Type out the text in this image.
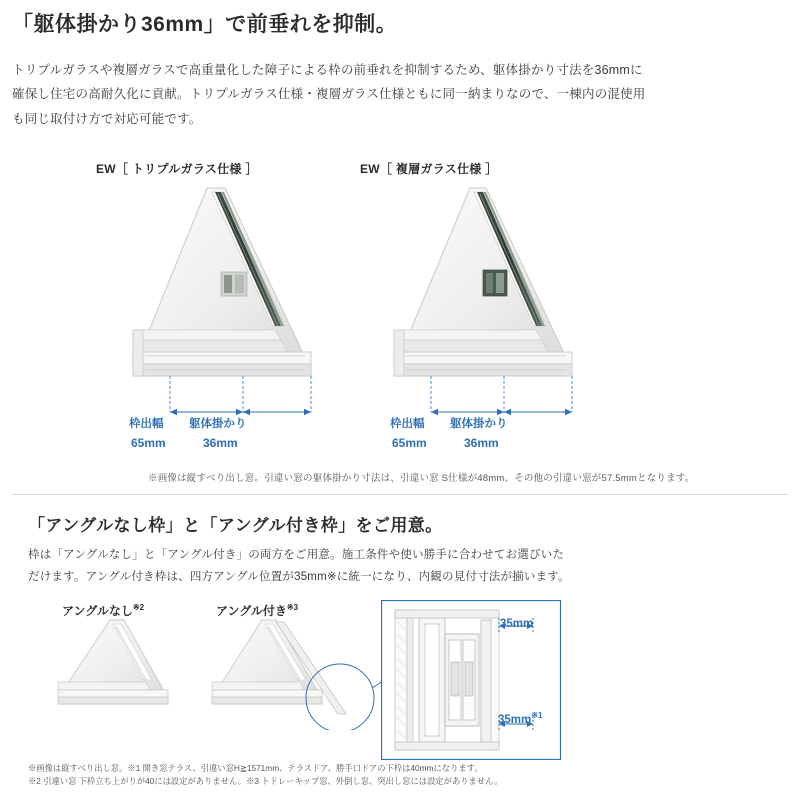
「躯体掛かり36mm」で前垂れを抑制。
トリプルガラスや複層ガラスで高重量化した障子による枠の前垂れを抑制するため、躯体掛かり寸法を36mmに確保し住宅の高耐久化に貢献。トリプルガラス仕様・複層ガラス仕様ともに同一納まりなので、一棟内の混使用も同じ取付け方で対応可能です。
EW［ トリプルガラス仕様 ］	EW［ 複層ガラス仕様 ］
枠出幅
65mm
躯体掛かり
36mm
枠出幅
65mm
躯体掛かり
36mm
※画像は縦すべり出し窓。引違い窓の躯体掛かり寸法は、引違い窓 S仕様が48mm、その他の引違い窓が57.5mmとなります。
「アングルなし枠」と「アングル付き枠」をご用意。
枠は「アングルなし」と「アングル付き」の両方をご用意。施工条件や使い勝手に合わせてお選びいただけます。アングル付き枠は、四方アングル位置が35mm※に統一になり、内観の見付寸法が揃います。
アングルなし$^{※2}$	アングル付き$^{※3}$
35mm
$35mm^{※1}$
※画像は縦すべり出し窓。※1 開き窓テラス、引違い窓H≧1571mm、テラスドア、勝手口ドアの下枠は40mmになります。
※2 引違い窓 下枠立ち上がりが40には設定がありません。※3 トドレーキップ窓、外倒し窓、突出し窓には設定がありません。
